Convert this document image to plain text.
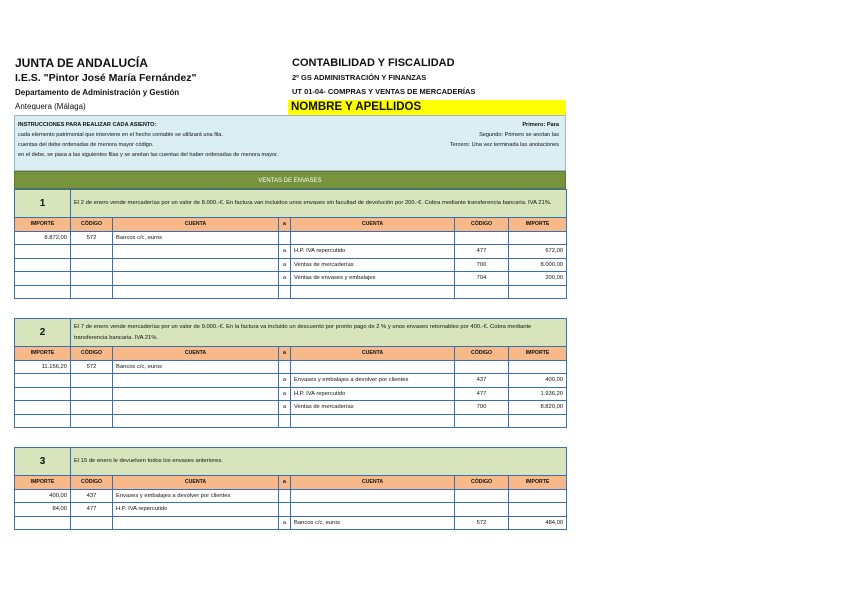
JUNTA DE ANDALUCÍA
I.E.S. "Pintor José María Fernández"
Departamento de Administración y Gestión
Antequera (Málaga)
CONTABILIDAD Y FISCALIDAD
2º GS ADMINISTRACIÓN Y FINANZAS
UT 01-04- COMPRAS Y VENTAS DE MERCADERÍAS
NOMBRE Y APELLIDOS
INSTRUCCIONES PARA REALIZAR CADA ASIENTO:
cada elemento patrimonial que interviene en el hecho contable se utilizará una fila.
cuentas del debe ordenadas de menora mayor código.
en el debe, se pasa a las siguientes filas y se anotan las cuentas del haber ordenadas de menora mayor.
Primero: Para
Segundo: Primero se anotan las
Tercero: Una vez terminada las anotaciones
VENTAS DE ENVASES
1	El 2 de enero vende mercaderías por un valor de 8.000.-€. En factura van incluidos unos envases sin facultad de devolución por 200.-€. Cobra mediante transferencia bancaria. IVA 21%.					
IMPORTE	CÓDIGO	CUENTA	a	CUENTA	CÓDIGO	IMPORTE
8.872,00	572	Bancos c/c, euros				
			a	H.P. IVA repercutido	477	672,00
			a	Ventas de mercaderías	700	8.000,00
			a	Ventas de envases y embalajes	704	200,00

2	El 7 de enero vende mercaderías por un valor de 9.000.-€. En la factura va incluido un descuento por pronto pago de 2 % y unos envases retornables por 400.-€. Cobra mediante transferencia bancaria. IVA 21%.					
IMPORTE	CÓDIGO	CUENTA	a	CUENTA	CÓDIGO	IMPORTE
11.156,20	572	Bancos c/c, euros				
			a	Envases y embalajes a devolver por clientes	437	400,00
			a	H.P. IVA repercutido	477	1.936,20
			a	Ventas de mercaderías	700	8.820,00

3	El 15 de enero le devuelven todos los envases anteriores.					
IMPORTE	CÓDIGO	CUENTA	a	CUENTA	CÓDIGO	IMPORTE
400,00	437	Envases y embalajes a devolver por clientes				
84,00	477	H.P. IVA repercutido				
			a	Bancos c/c, euros	572	484,00
